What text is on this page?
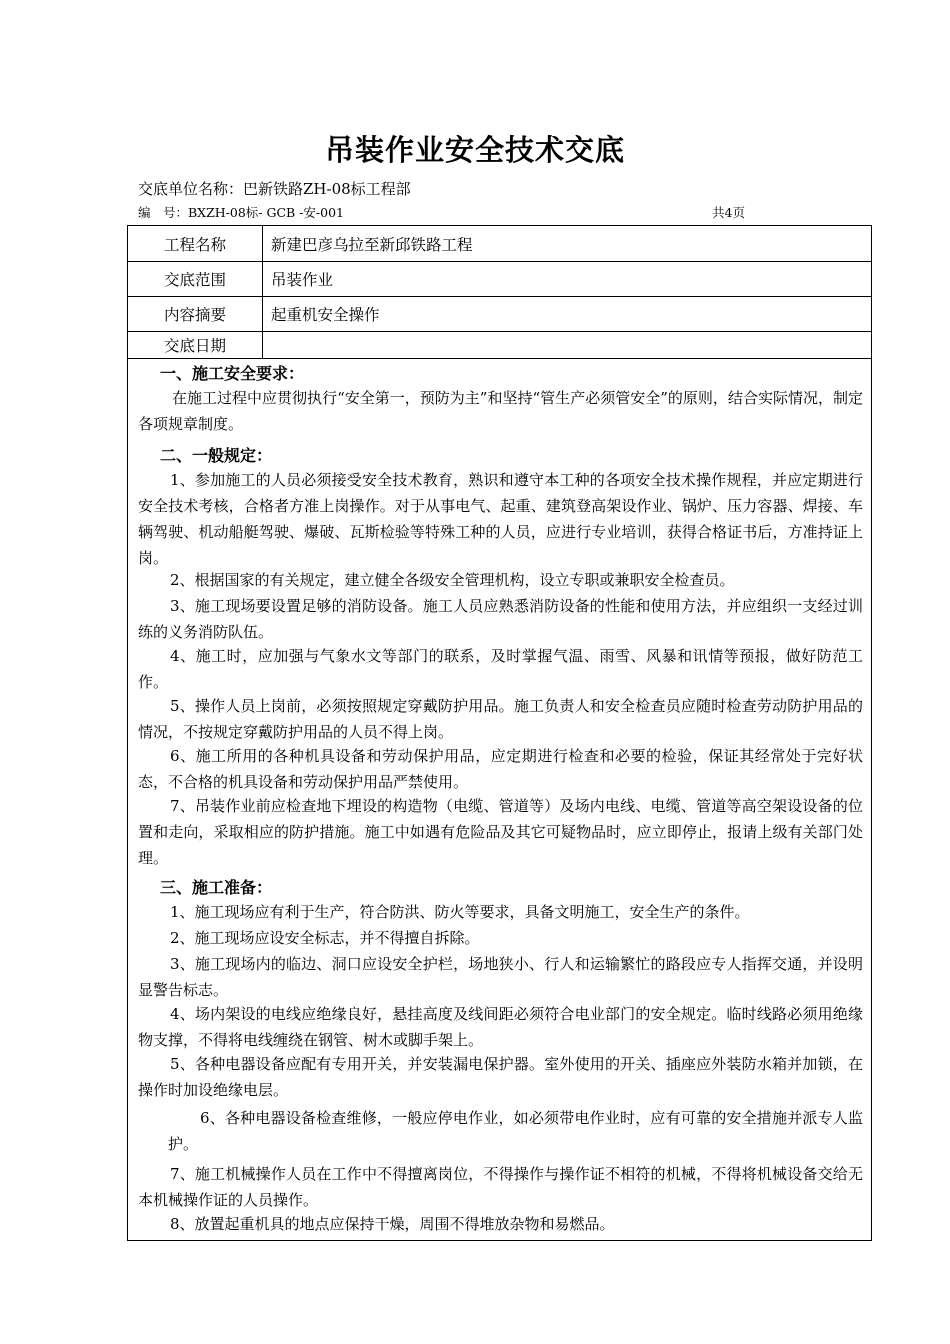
吊装作业安全技术交底
交底单位名称：巴新铁路ZH-08标工程部
编　号：BXZH-08标- GCB -安-001	共4页
工程名称	新建巴彦乌拉至新邱铁路工程
交底范围	吊装作业
内容摘要	起重机安全操作
交底日期
一、施工安全要求：
在施工过程中应贯彻执行“安全第一，预防为主”和坚持“管生产必须管安全”的原则，结合实际情况，制定各项规章制度。
二、一般规定：
1、参加施工的人员必须接受安全技术教育，熟识和遵守本工种的各项安全技术操作规程，并应定期进行安全技术考核，合格者方准上岗操作。对于从事电气、起重、建筑登高架设作业、锅炉、压力容器、焊接、车辆驾驶、机动船艇驾驶、爆破、瓦斯检验等特殊工种的人员，应进行专业培训，获得合格证书后，方准持证上岗。
2、根据国家的有关规定，建立健全各级安全管理机构，设立专职或兼职安全检查员。
3、施工现场要设置足够的消防设备。施工人员应熟悉消防设备的性能和使用方法，并应组织一支经过训练的义务消防队伍。
4、施工时，应加强与气象水文等部门的联系，及时掌握气温、雨雪、风暴和讯情等预报，做好防范工作。
5、操作人员上岗前，必须按照规定穿戴防护用品。施工负责人和安全检查员应随时检查劳动防护用品的情况，不按规定穿戴防护用品的人员不得上岗。
6、施工所用的各种机具设备和劳动保护用品，应定期进行检查和必要的检验，保证其经常处于完好状态，不合格的机具设备和劳动保护用品严禁使用。
7、吊装作业前应检查地下埋设的构造物（电缆、管道等）及场内电线、电缆、管道等高空架设设备的位置和走向，采取相应的防护措施。施工中如遇有危险品及其它可疑物品时，应立即停止，报请上级有关部门处理。
三、施工准备：
1、施工现场应有利于生产，符合防洪、防火等要求，具备文明施工，安全生产的条件。
2、施工现场应设安全标志，并不得擅自拆除。
3、施工现场内的临边、洞口应设安全护栏，场地狭小、行人和运输繁忙的路段应专人指挥交通，并设明显警告标志。
4、场内架设的电线应绝缘良好，悬挂高度及线间距必须符合电业部门的安全规定。临时线路必须用绝缘物支撑，不得将电线缠绕在钢管、树木或脚手架上。
5、各种电器设备应配有专用开关，并安装漏电保护器。室外使用的开关、插座应外装防水箱并加锁，在操作时加设绝缘电层。
6、各种电器设备检查维修，一般应停电作业，如必须带电作业时，应有可靠的安全措施并派专人监护。
7、施工机械操作人员在工作中不得擅离岗位，不得操作与操作证不相符的机械，不得将机械设备交给无本机械操作证的人员操作。
8、放置起重机具的地点应保持干燥，周围不得堆放杂物和易燃品。
